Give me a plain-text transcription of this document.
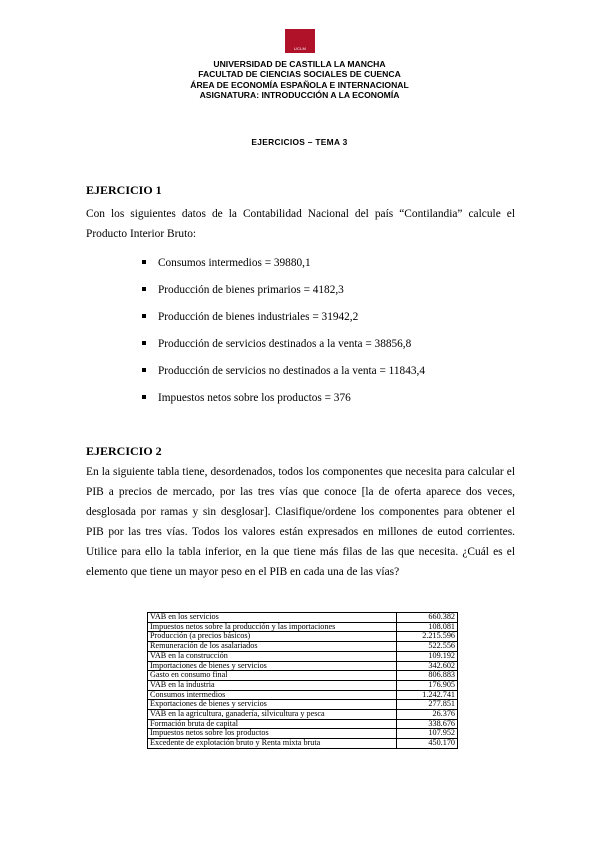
UCLM
UNIVERSIDAD DE CASTILLA LA MANCHA
FACULTAD DE CIENCIAS SOCIALES DE CUENCA
ÁREA DE ECONOMÍA ESPAÑOLA E INTERNACIONAL
ASIGNATURA: INTRODUCCIÓN A LA ECONOMÍA
EJERCICIOS – TEMA 3
EJERCICIO 1
Con los siguientes datos de la Contabilidad Nacional del país “Contilandia” calcule el Producto Interior Bruto:
Consumos intermedios = 39880,1
Producción de bienes primarios = 4182,3
Producción de bienes industriales = 31942,2
Producción de servicios destinados a la venta = 38856,8
Producción de servicios no destinados a la venta = 11843,4
Impuestos netos sobre los productos = 376
EJERCICIO 2
En la siguiente tabla tiene, desordenados, todos los componentes que necesita para calcular el PIB a precios de mercado, por las tres vías que conoce [la de oferta aparece dos veces, desglosada por ramas y sin desglosar]. Clasifique/ordene los componentes para obtener el PIB por las tres vías. Todos los valores están expresados en millones de eutod corrientes. Utilice para ello la tabla inferior, en la que tiene más filas de las que necesita. ¿Cuál es el elemento que tiene un mayor peso en el PIB en cada una de las vías?
VAB en los servicios	660.382
Impuestos netos sobre la producción y las importaciones	108.081
Producción (a precios básicos)	2.215.596
Remuneración de los asalariados	522.556
VAB en la construcción	109.192
Importaciones de bienes y servicios	342.602
Gasto en consumo final	806.883
VAB en la industria	176.905
Consumos intermedios	1.242.741
Exportaciones de bienes y servicios	277.851
VAB en la agricultura, ganadería, silvicultura y pesca	26.376
Formación bruta de capital	338.676
Impuestos netos sobre los productos	107.952
Excedente de explotación bruto y Renta mixta bruta	450.170
